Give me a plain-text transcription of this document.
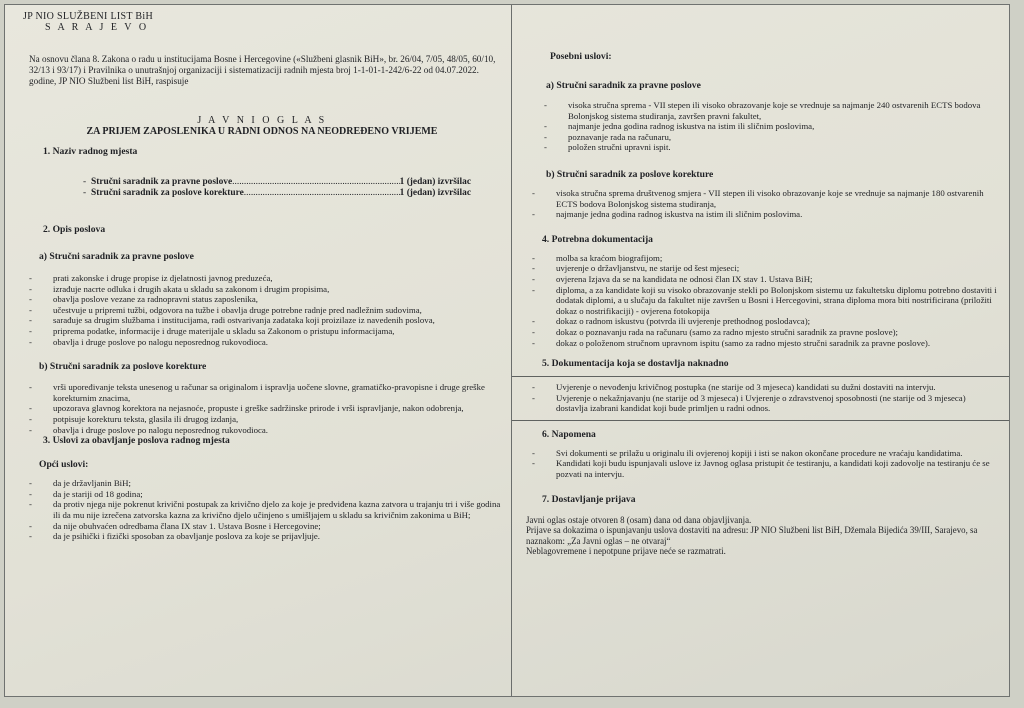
JP NIO SLUŽBENI LIST BiH
S A R A J E V O
Na osnovu člana 8. Zakona o radu u institucijama Bosne i Hercegovine («Službeni glasnik BiH», br. 26/04, 7/05, 48/05, 60/10, 32/13 i 93/17) i Pravilnika o unutrašnjoj organizaciji i sistematizaciji radnih mjesta broj 1-1-01-1-242/6-22 od 04.07.2022. godine, JP NIO Službeni list BiH, raspisuje
J A V N I O G L A S
ZA PRIJEM ZAPOSLENIKA U RADNI ODNOS NA NEODREĐENO VRIJEME
1. Naziv radnog mjesta
- Stručni saradnik za pravne poslove .....	1 (jedan) izvršilac
- Stručni saradnik za poslove korekture .....	1 (jedan) izvršilac
2. Opis poslova
a) Stručni saradnik za pravne poslove
- prati zakonske i druge propise iz djelatnosti javnog preduzeća,
- izrađuje nacrte odluka i drugih akata u skladu sa zakonom i drugim propisima,
- obavlja poslove vezane za radnopravni status zaposlenika,
- učestvuje u pripremi tužbi, odgovora na tužbe i obavlja druge potrebne radnje pred nadležnim sudovima,
- sarađuje sa drugim službama i institucijama, radi ostvarivanja zadataka koji proizilaze iz navedenih poslova,
- priprema podatke, informacije i druge materijale u skladu sa Zakonom o pristupu informacijama,
- obavlja i druge poslove po nalogu neposrednog rukovodioca.
b) Stručni saradnik za poslove korekture
- vrši upoređivanje teksta unesenog u računar sa originalom i ispravlja uočene slovne, gramatičko-pravopisne i druge greške korekturnim znacima,
- upozorava glavnog korektora na nejasnoće, propuste i greške sadržinske prirode i vrši ispravljanje, nakon odobrenja,
- potpisuje korekturu teksta, glasila ili drugog izdanja,
- obavlja i druge poslove po nalogu neposrednog rukovodioca.
3. Uslovi za obavljanje poslova radnog mjesta
Opći uslovi:
- da je državljanin BiH;
- da je stariji od 18 godina;
- da protiv njega nije pokrenut krivični postupak za krivično djelo za koje je predviđena kazna zatvora u trajanju tri i više godina ili da mu nije izrečena zatvorska kazna za krivično djelo učinjeno s umišljajem u skladu sa krivičnim zakonima u BiH;
- da nije obuhvaćen odredbama člana IX stav 1. Ustava Bosne i Hercegovine;
- da je psihički i fizički sposoban za obavljanje poslova za koje se prijavljuje.
Posebni uslovi:
a) Stručni saradnik za pravne poslove
- visoka stručna sprema - VII stepen ili visoko obrazovanje koje se vrednuje sa najmanje 240 ostvarenih ECTS bodova Bolonjskog sistema studiranja, završen pravni fakultet,
- najmanje jedna godina radnog iskustva na istim ili sličnim poslovima,
- poznavanje rada na računaru,
- položen stručni upravni ispit.
b) Stručni saradnik za poslove korekture
- visoka stručna sprema društvenog smjera - VII stepen ili visoko obrazovanje koje se vrednuje sa najmanje 180 ostvarenih ECTS bodova Bolonjskog sistema studiranja,
- najmanje jedna godina radnog iskustva na istim ili sličnim poslovima.
4. Potrebna dokumentacija
- molba sa kraćom biografijom;
- uvjerenje o državljanstvu, ne starije od šest mjeseci;
- ovjerena Izjava da se na kandidata ne odnosi član IX stav 1. Ustava BiH;
- diploma, a za kandidate koji su visoko obrazovanje stekli po Bolonjskom sistemu uz fakultetsku diplomu potrebno dostaviti i dodatak diplomi, a u slučaju da fakultet nije završen u Bosni i Hercegovini, strana diploma mora biti nostrificirana (priložiti dokaz o nostrifikaciji) - ovjerena fotokopija
- dokaz o radnom iskustvu (potvrda ili uvjerenje prethodnog poslodavca);
- dokaz o poznavanju rada na računaru (samo za radno mjesto stručni saradnik za pravne poslove);
- dokaz o položenom stručnom upravnom ispitu (samo za radno mjesto stručni saradnik za pravne poslove).
5. Dokumentacija koja se dostavlja naknadno
- Uvjerenje o nevođenju krivičnog postupka (ne starije od 3 mjeseca) kandidati su dužni dostaviti na intervju.
- Uvjerenje o nekažnjavanju (ne starije od 3 mjeseca) i Uvjerenje o zdravstvenoj sposobnosti (ne starije od 3 mjeseca) dostavlja izabrani kandidat koji bude primljen u radni odnos.
6. Napomena
- Svi dokumenti se prilažu u originalu ili ovjerenoj kopiji i isti se nakon okončane procedure ne vraćaju kandidatima.
- Kandidati koji budu ispunjavali uslove iz Javnog oglasa pristupit će testiranju, a kandidati koji zadovolje na testiranju će se pozvati na intervju.
7. Dostavljanje prijava
Javni oglas ostaje otvoren 8 (osam) dana od dana objavljivanja.
Prijave sa dokazima o ispunjavanju uslova dostaviti na adresu: JP NIO Službeni list BiH, Džemala Bijedića 39/III, Sarajevo, sa naznakom: „Za Javni oglas – ne otvaraj“
Neblagovremene i nepotpune prijave neće se razmatrati.
